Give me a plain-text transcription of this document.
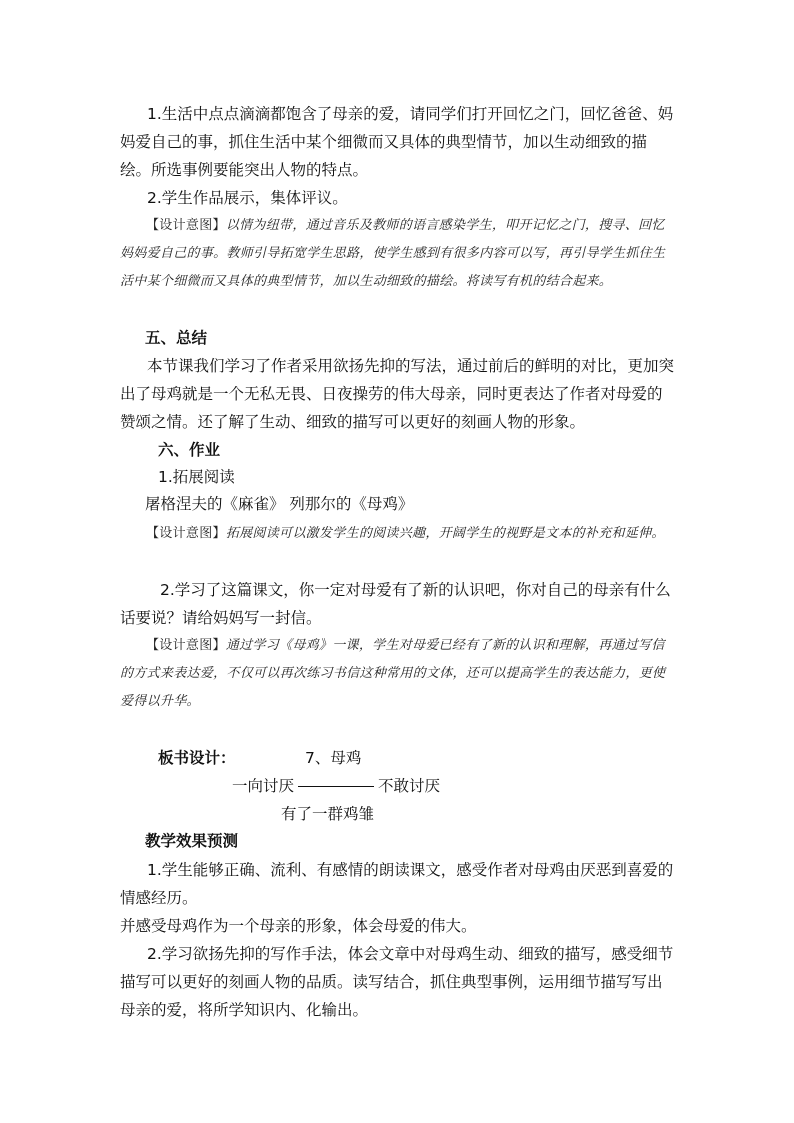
1.生活中点点滴滴都饱含了母亲的爱，请同学们打开回忆之门，回忆爸爸、妈妈爱自己的事，抓住生活中某个细微而又具体的典型情节，加以生动细致的描绘。所选事例要能突出人物的特点。

2.学生作品展示，集体评议。

【设计意图】以情为纽带，通过音乐及教师的语言感染学生，叩开记忆之门，搜寻、回忆妈妈爱自己的事。教师引导拓宽学生思路，使学生感到有很多内容可以写，再引导学生抓住生活中某个细微而又具体的典型情节，加以生动细致的描绘。将读写有机的结合起来。

五、总结

本节课我们学习了作者采用欲扬先抑的写法，通过前后的鲜明的对比，更加突出了母鸡就是一个无私无畏、日夜操劳的伟大母亲，同时更表达了作者对母爱的赞颂之情。还了解了生动、细致的描写可以更好的刻画人物的形象。

六、作业

1.拓展阅读

屠格涅夫的《麻雀》 列那尔的《母鸡》

【设计意图】拓展阅读可以激发学生的阅读兴趣，开阔学生的视野是文本的补充和延伸。

2.学习了这篇课文，你一定对母爱有了新的认识吧，你对自己的母亲有什么话要说？请给妈妈写一封信。

【设计意图】通过学习《母鸡》一课，学生对母爱已经有了新的认识和理解，再通过写信的方式来表达爱，不仅可以再次练习书信这种常用的文体，还可以提高学生的表达能力，更使爱得以升华。

板书设计：	7、母鸡
一向讨厌	不敢讨厌
有了一群鸡雏

教学效果预测

1.学生能够正确、流利、有感情的朗读课文，感受作者对母鸡由厌恶到喜爱的情感经历。

并感受母鸡作为一个母亲的形象，体会母爱的伟大。

2.学习欲扬先抑的写作手法，体会文章中对母鸡生动、细致的描写，感受细节描写可以更好的刻画人物的品质。读写结合，抓住典型事例，运用细节描写写出母亲的爱，将所学知识内、化输出。
